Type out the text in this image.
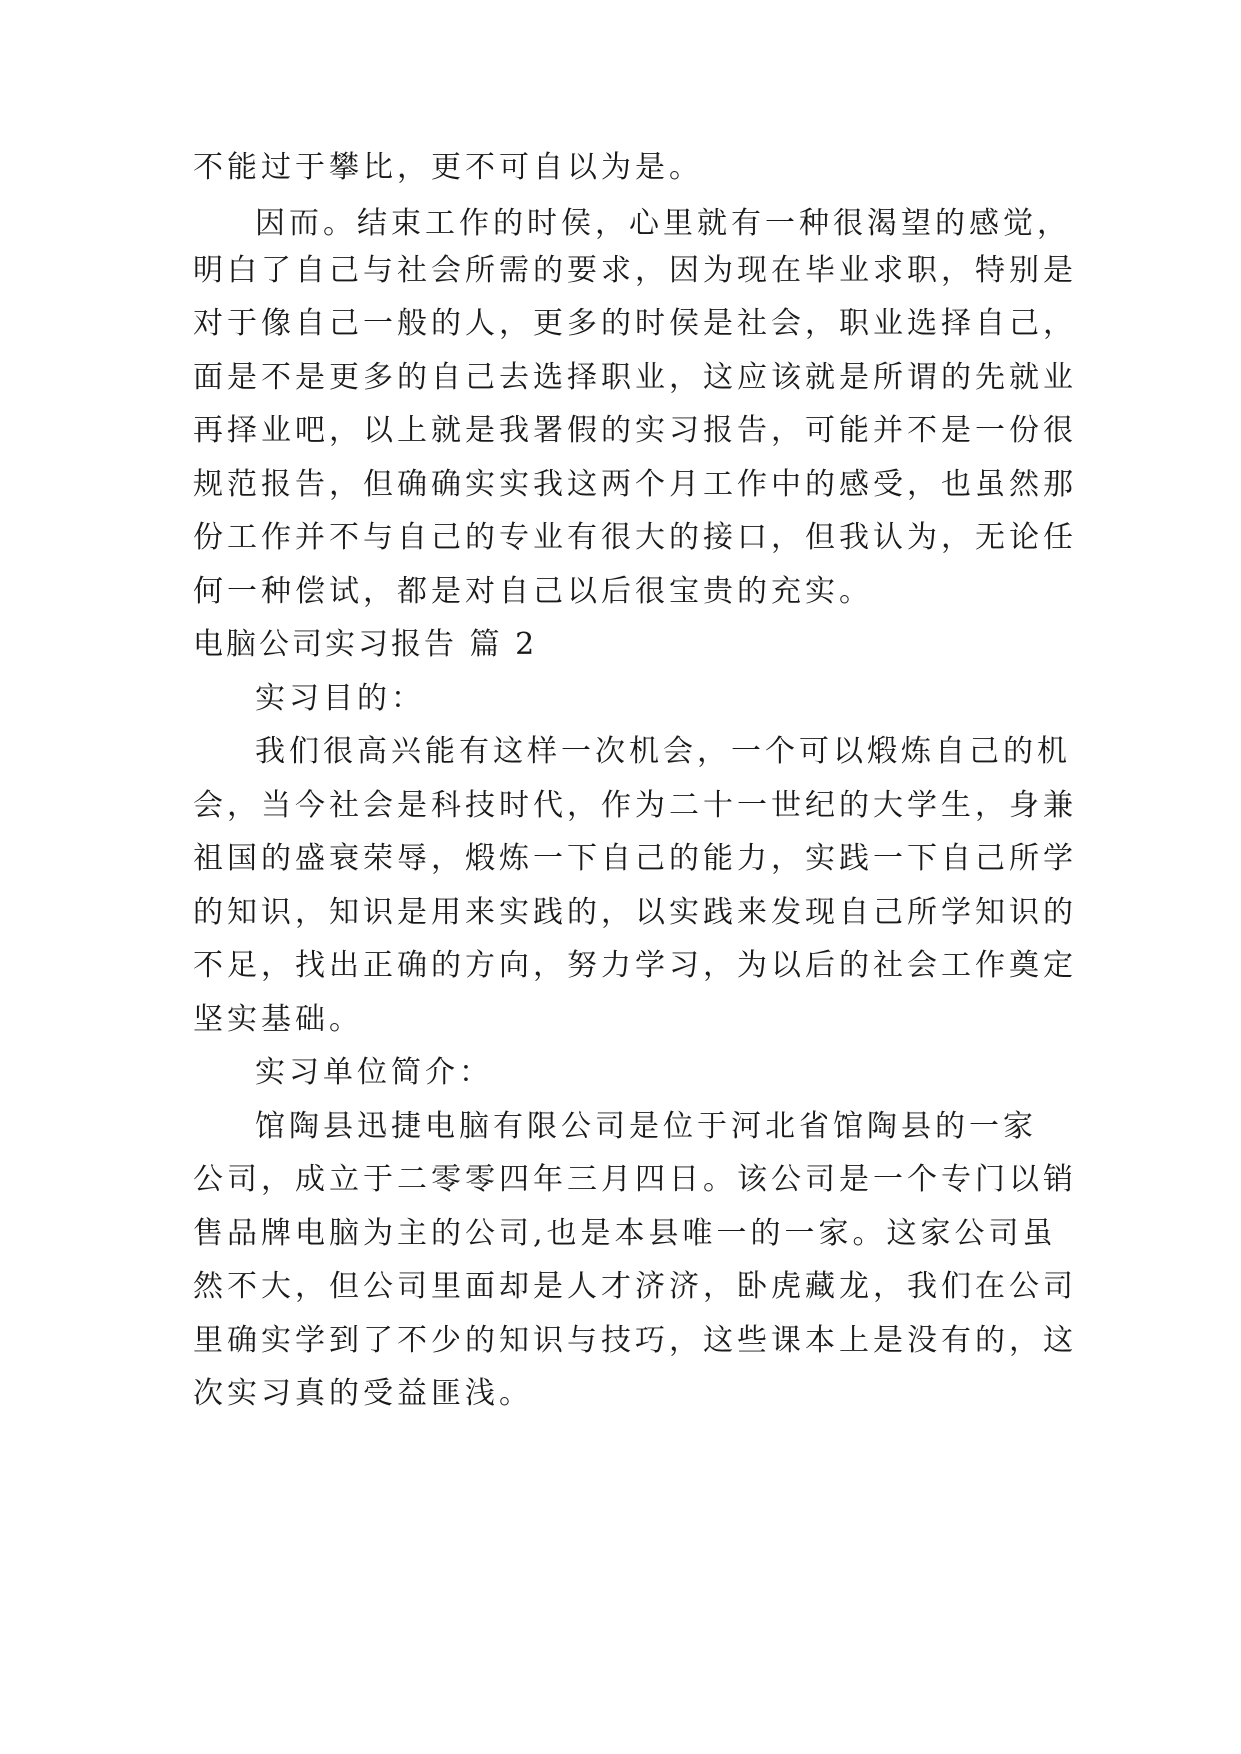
不能过于攀比，更不可自以为是。
因而。结束工作的时侯，心里就有一种很渴望的感觉，
明白了自己与社会所需的要求，因为现在毕业求职，特别是
对于像自己一般的人，更多的时侯是社会，职业选择自己，
面是不是更多的自己去选择职业，这应该就是所谓的先就业
再择业吧，以上就是我署假的实习报告，可能并不是一份很
规范报告，但确确实实我这两个月工作中的感受，也虽然那
份工作并不与自己的专业有很大的接口，但我认为，无论任
何一种偿试，都是对自己以后很宝贵的充实。
电脑公司实习报告 篇 2
实习目的：
我们很高兴能有这样一次机会，一个可以煅炼自己的机
会，当今社会是科技时代，作为二十一世纪的大学生，身兼
祖国的盛衰荣辱，煅炼一下自己的能力，实践一下自己所学
的知识，知识是用来实践的，以实践来发现自己所学知识的
不足，找出正确的方向，努力学习，为以后的社会工作奠定
坚实基础。
实习单位简介：
馆陶县迅捷电脑有限公司是位于河北省馆陶县的一家
公司，成立于二零零四年三月四日。该公司是一个专门以销
售品牌电脑为主的公司,也是本县唯一的一家。这家公司虽
然不大，但公司里面却是人才济济，卧虎藏龙，我们在公司
里确实学到了不少的知识与技巧，这些课本上是没有的，这
次实习真的受益匪浅。
